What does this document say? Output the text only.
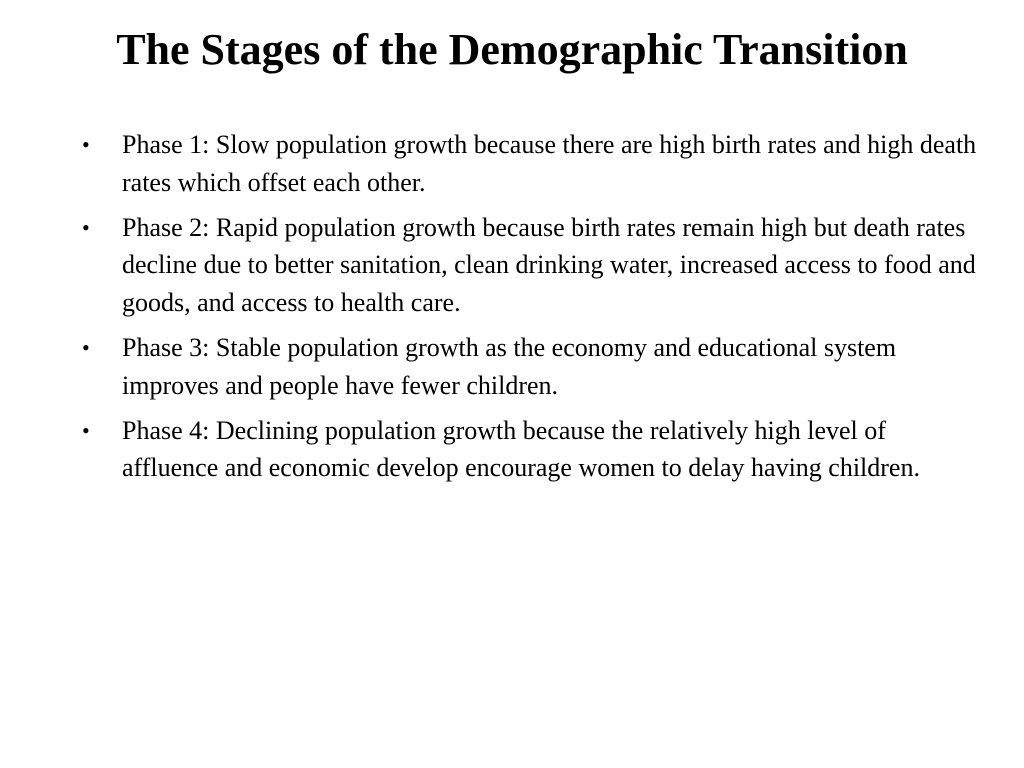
The Stages of the Demographic Transition
•	Phase 1: Slow population growth because there are high birth rates and high death rates which offset each other.
•	Phase 2: Rapid population growth because birth rates remain high but death rates decline due to better sanitation, clean drinking water, increased access to food and goods, and access to health care.
•	Phase 3: Stable population growth as the economy and educational system improves and people have fewer children.
•	Phase 4: Declining population growth because the relatively high level of affluence and economic develop encourage women to delay having children.
